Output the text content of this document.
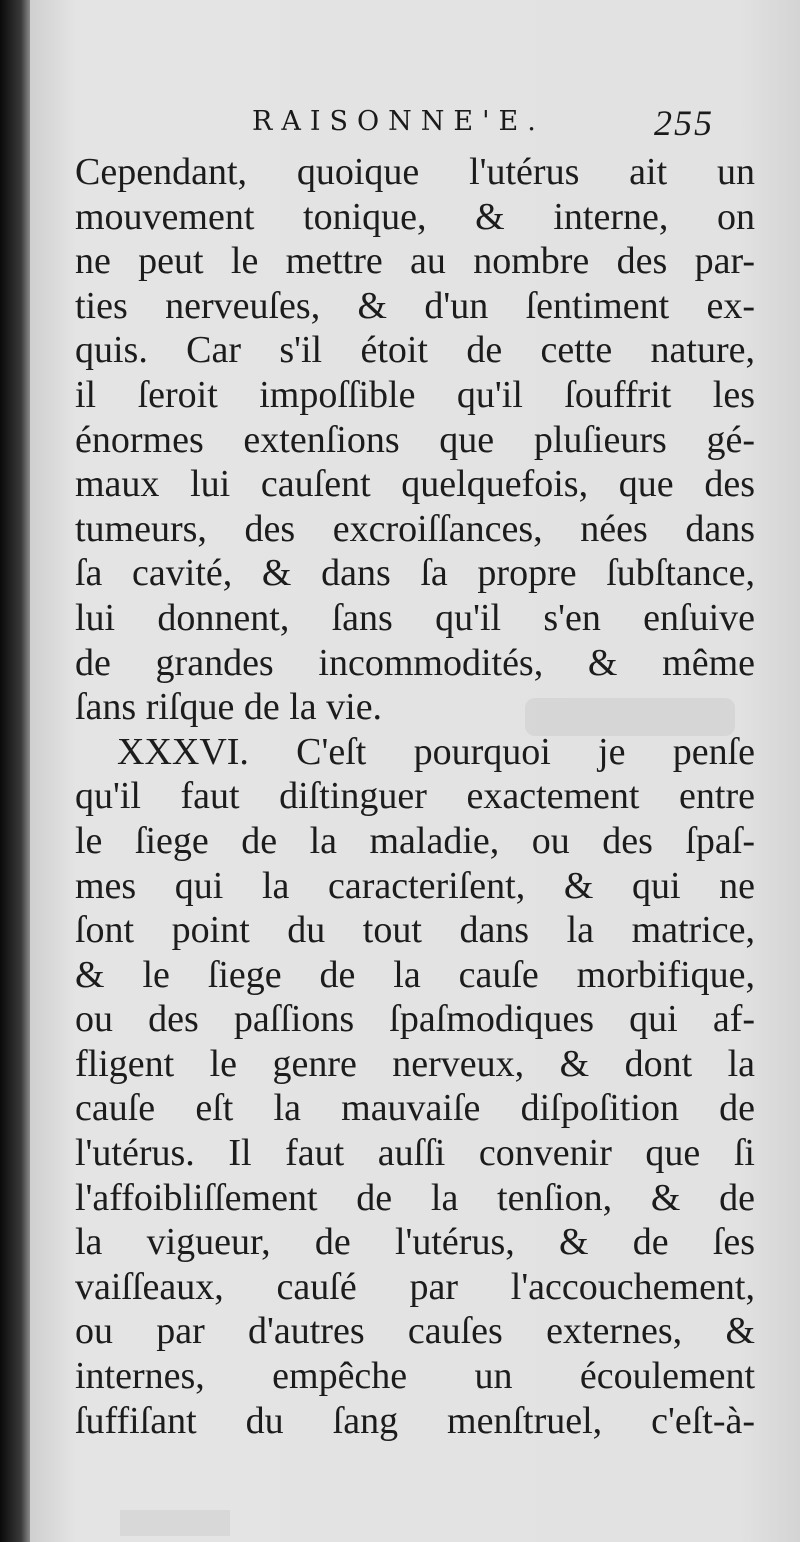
RAISONNE'E.	255
Cependant, quoique l'utérus ait un
mouvement tonique, & interne, on
ne peut le mettre au nombre des par-
ties nerveuſes, & d'un ſentiment ex-
quis. Car s'il étoit de cette nature,
il ſeroit impoſſible qu'il ſouffrit les
énormes extenſions que pluſieurs gé-
maux lui cauſent quelquefois, que des
tumeurs, des excroiſſances, nées dans
ſa cavité, & dans ſa propre ſubſtance,
lui donnent, ſans qu'il s'en enſuive
de grandes incommodités, & même
ſans riſque de la vie.
XXXVI. C'eſt pourquoi je penſe
qu'il faut diſtinguer exactement entre
le ſiege de la maladie, ou des ſpaſ-
mes qui la caracteriſent, & qui ne
ſont point du tout dans la matrice,
& le ſiege de la cauſe morbifique,
ou des paſſions ſpaſmodiques qui af-
fligent le genre nerveux, & dont la
cauſe eſt la mauvaiſe diſpoſition de
l'utérus. Il faut auſſi convenir que ſi
l'affoibliſſement de la tenſion, & de
la vigueur, de l'utérus, & de ſes
vaiſſeaux, cauſé par l'accouchement,
ou par d'autres cauſes externes, &
internes, empêche un écoulement
ſuffiſant du ſang menſtruel, c'eſt-à-
